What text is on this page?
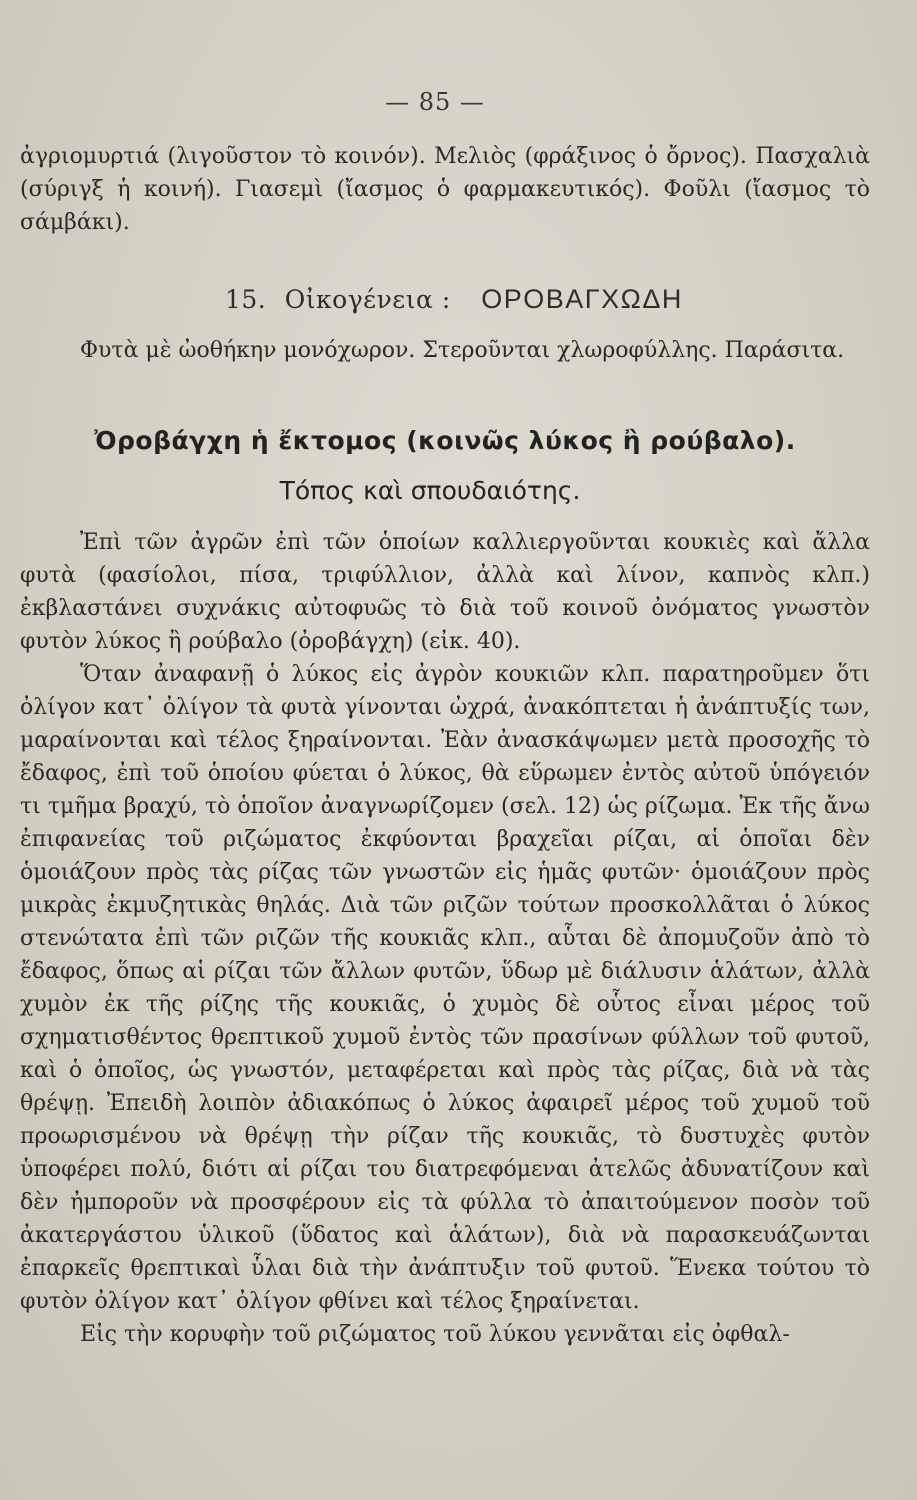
— 85 —
ἀγριομυρτιά (λιγοῦστον τὸ κοινόν). Μελιὸς (φράξινος ὁ ὄρνος). Πασχαλιὰ (σύριγξ ἡ κοινή). Γιασεμὶ (ἴασμος ὁ φαρμακευτικός). Φοῦλι (ἴασμος τὸ σάμβάκι).
15. Οἰκογένεια : ΟΡΟΒΑΓΧΩΔΗ
Φυτὰ μὲ ὠοθήκην μονόχωρον. Στεροῦνται χλωροφύλλης. Παράσιτα.
Ὀροβάγχη ἡ ἔκτομος (κοινῶς λύκος ἢ ρούβαλο).
Τόπος καὶ σπουδαιότης.

Ἐπὶ τῶν ἀγρῶν ἐπὶ τῶν ὁποίων καλλιεργοῦνται κουκιὲς καὶ ἄλλα φυτὰ (φασίολοι, πίσα, τριφύλλιον, ἀλλὰ καὶ λίνον, καπνὸς κλπ.) ἐκβλαστάνει συχνάκις αὐτοφυῶς τὸ διὰ τοῦ κοινοῦ ὀνόματος γνωστὸν φυτὸν λύκος ἢ ρούβαλο (ὀροβάγχη) (εἰκ. 40).

Ὅταν ἀναφανῇ ὁ λύκος εἰς ἀγρὸν κουκιῶν κλπ. παρατηροῦμεν ὅτι ὀλίγον κατ᾿ ὀλίγον τὰ φυτὰ γίνονται ὠχρά, ἀνακόπτεται ἡ ἀνάπτυξίς των, μαραίνονται καὶ τέλος ξηραίνονται. Ἐὰν ἀνασκάψωμεν μετὰ προσοχῆς τὸ ἔδαφος, ἐπὶ τοῦ ὁποίου φύεται ὁ λύκος, θὰ εὕρωμεν ἐντὸς αὐτοῦ ὑπόγειόν τι τμῆμα βραχύ, τὸ ὁποῖον ἀναγνωρίζομεν (σελ. 12) ὡς ρίζωμα. Ἐκ τῆς ἄνω ἐπιφανείας τοῦ ριζώματος ἐκφύονται βραχεῖαι ρίζαι, αἱ ὁποῖαι δὲν ὁμοιάζουν πρὸς τὰς ρίζας τῶν γνωστῶν εἰς ἡμᾶς φυτῶν· ὁμοιάζουν πρὸς μικρὰς ἐκμυζητικὰς θηλάς. Διὰ τῶν ριζῶν τούτων προσκολλᾶται ὁ λύκος στενώτατα ἐπὶ τῶν ριζῶν τῆς κουκιᾶς κλπ., αὗται δὲ ἀπομυζοῦν ἀπὸ τὸ ἔδαφος, ὅπως αἱ ρίζαι τῶν ἄλλων φυτῶν, ὕδωρ μὲ διάλυσιν ἁλάτων, ἀλλὰ χυμὸν ἐκ τῆς ρίζης τῆς κουκιᾶς, ὁ χυμὸς δὲ οὗτος εἶναι μέρος τοῦ σχηματισθέντος θρεπτικοῦ χυμοῦ ἐντὸς τῶν πρασίνων φύλλων τοῦ φυτοῦ, καὶ ὁ ὁποῖος, ὡς γνωστόν, μεταφέρεται καὶ πρὸς τὰς ρίζας, διὰ νὰ τὰς θρέψῃ. Ἐπειδὴ λοιπὸν ἀδιακόπως ὁ λύκος ἀφαιρεῖ μέρος τοῦ χυμοῦ τοῦ προωρισμένου νὰ θρέψῃ τὴν ρίζαν τῆς κουκιᾶς, τὸ δυστυχὲς φυτὸν ὑποφέρει πολύ, διότι αἱ ρίζαι του διατρεφόμεναι ἀτελῶς ἀδυνατίζουν καὶ δὲν ἠμποροῦν νὰ προσφέρουν εἰς τὰ φύλλα τὸ ἀπαιτούμενον ποσὸν τοῦ ἀκατεργάστου ὑλικοῦ (ὕδατος καὶ ἁλάτων), διὰ νὰ παρασκευάζωνται ἐπαρκεῖς θρεπτικαὶ ὗλαι διὰ τὴν ἀνάπτυξιν τοῦ φυτοῦ. Ἕνεκα τούτου τὸ φυτὸν ὀλίγον κατ᾿ ὀλίγον φθίνει καὶ τέλος ξηραίνεται.

Εἰς τὴν κορυφὴν τοῦ ριζώματος τοῦ λύκου γεννᾶται εἰς ὀφθαλ-
